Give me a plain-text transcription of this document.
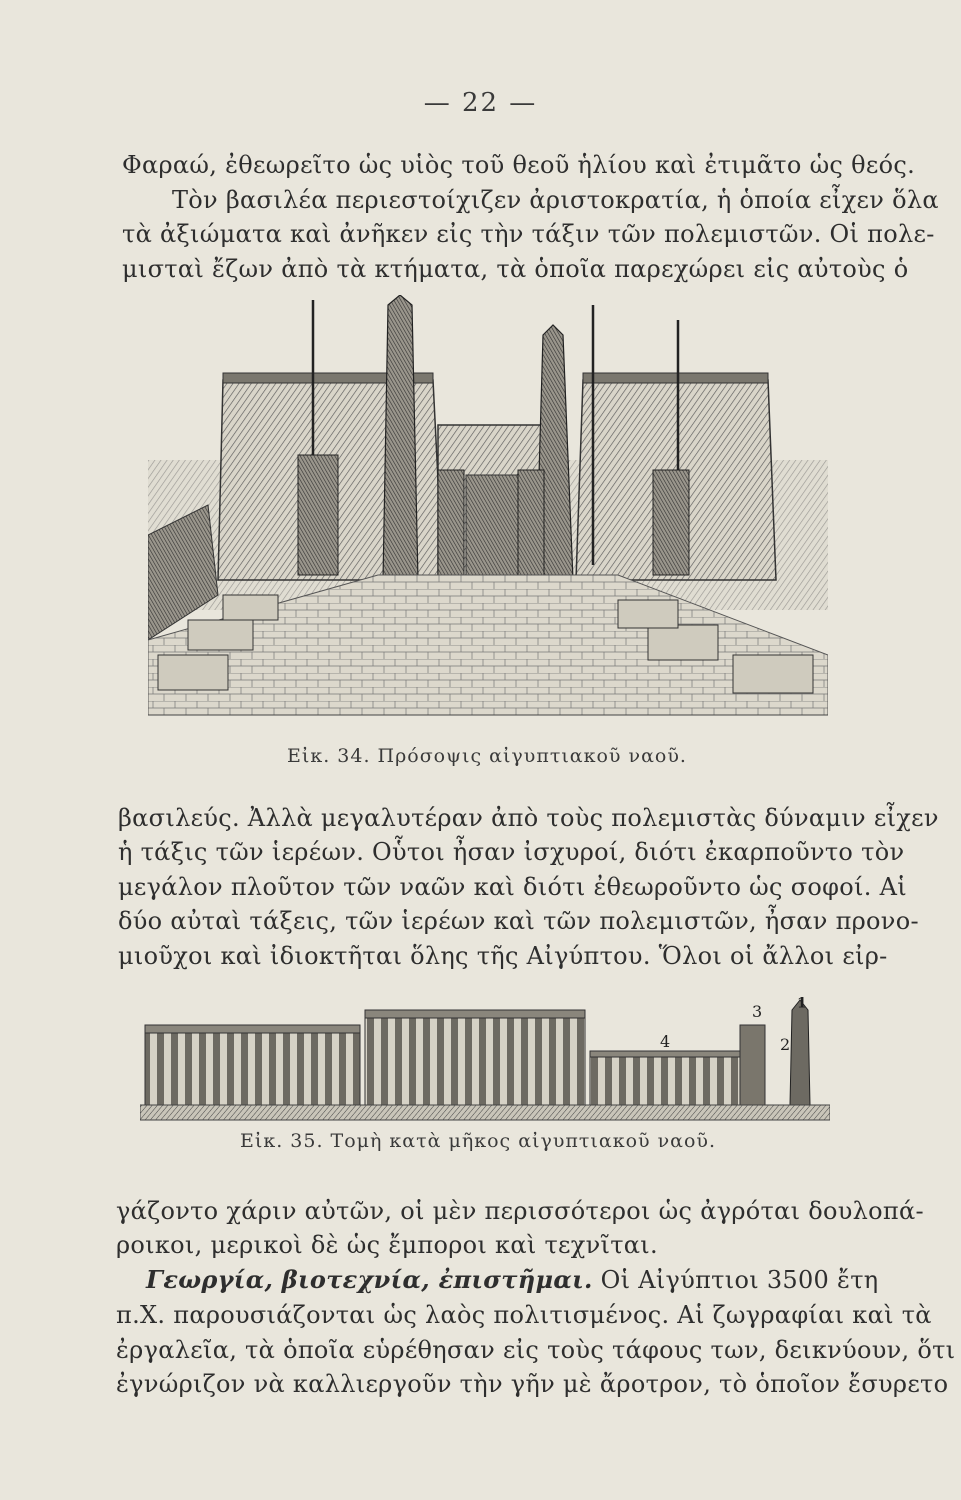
— 22 —
Φαραώ, ἐθεωρεῖτο ὡς υἱὸς τοῦ θεοῦ ἡλίου καὶ ἐτιμᾶτο ὡς θεός.
Τὸν βασιλέα περιεστοίχιζεν ἀριστοκρατία, ἡ ὁποία εἶχεν ὅλα
τὰ ἀξιώματα καὶ ἀνῆκεν εἰς τὴν τάξιν τῶν πολεμιστῶν. Οἱ πολε-
μισταὶ ἔζων ἀπὸ τὰ κτήματα, τὰ ὁποῖα παρεχώρει εἰς αὐτοὺς ὁ
Εἰκ. 34. Πρόσοψις αἰγυπτιακοῦ ναοῦ.
βασιλεύς. Ἀλλὰ μεγαλυτέραν ἀπὸ τοὺς πολεμιστὰς δύναμιν εἶχεν
ἡ τάξις τῶν ἱερέων. Οὗτοι ἦσαν ἰσχυροί, διότι ἐκαρποῦντο τὸν
μεγάλον πλοῦτον τῶν ναῶν καὶ διότι ἐθεωροῦντο ὡς σοφοί. Αἱ
δύο αὐταὶ τάξεις, τῶν ἱερέων καὶ τῶν πολεμιστῶν, ἦσαν προνο-
μιοῦχοι καὶ ἰδιοκτῆται ὅλης τῆς Αἰγύπτου. Ὅλοι οἱ ἄλλοι εἰρ-
4
3
2
1
Εἰκ. 35. Τομὴ κατὰ μῆκος αἰγυπτιακοῦ ναοῦ.
γάζοντο χάριν αὐτῶν, οἱ μὲν περισσότεροι ὡς ἀγρόται δουλοπά-
ροικοι, μερικοὶ δὲ ὡς ἔμποροι καὶ τεχνῖται.
Γεωργία, βιοτεχνία, ἐπιστῆμαι. Οἱ Αἰγύπτιοι 3500 ἔτη
π.Χ. παρουσιάζονται ὡς λαὸς πολιτισμένος. Αἱ ζωγραφίαι καὶ τὰ
ἐργαλεῖα, τὰ ὁποῖα εὑρέθησαν εἰς τοὺς τάφους των, δεικνύουν, ὅτι
ἐγνώριζον νὰ καλλιεργοῦν τὴν γῆν μὲ ἄροτρον, τὸ ὁποῖον ἔσυρετο
